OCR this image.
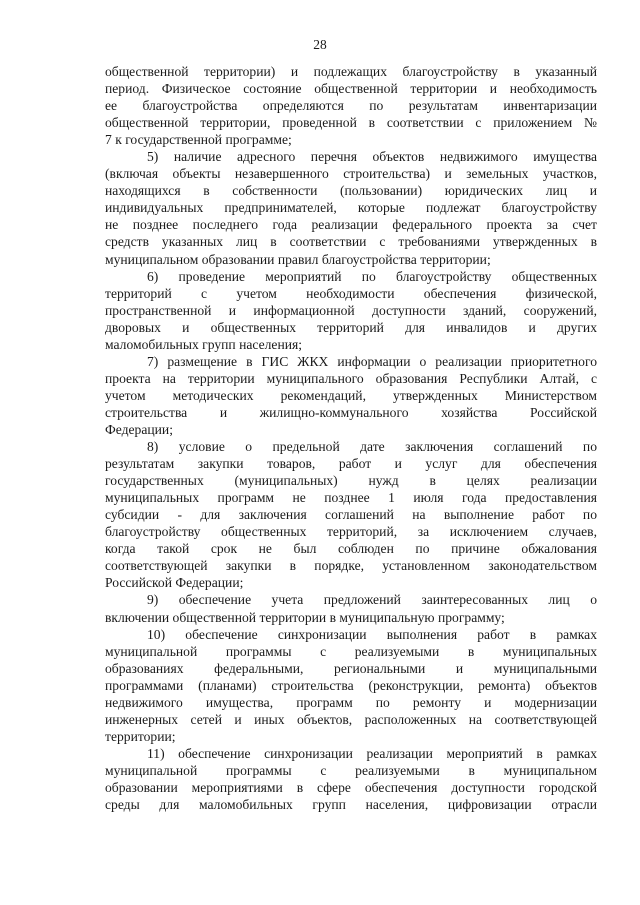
28
общественной территории) и подлежащих благоустройству в указанный
период. Физическое состояние общественной территории и необходимость
ее благоустройства определяются по результатам инвентаризации
общественной территории, проведенной в соответствии с приложением №
7 к государственной программе;
5) наличие адресного перечня объектов недвижимого имущества
(включая объекты незавершенного строительства) и земельных участков,
находящихся в собственности (пользовании) юридических лиц и
индивидуальных предпринимателей, которые подлежат благоустройству
не позднее последнего года реализации федерального проекта за счет
средств указанных лиц в соответствии с требованиями утвержденных в
муниципальном образовании правил благоустройства территории;
6) проведение мероприятий по благоустройству общественных
территорий с учетом необходимости обеспечения физической,
пространственной и информационной доступности зданий, сооружений,
дворовых и общественных территорий для инвалидов и других
маломобильных групп населения;
7) размещение в ГИС ЖКХ информации о реализации приоритетного
проекта на территории муниципального образования Республики Алтай, с
учетом методических рекомендаций, утвержденных Министерством
строительства и жилищно-коммунального хозяйства Российской
Федерации;
8) условие о предельной дате заключения соглашений по
результатам закупки товаров, работ и услуг для обеспечения
государственных (муниципальных) нужд в целях реализации
муниципальных программ не позднее 1 июля года предоставления
субсидии - для заключения соглашений на выполнение работ по
благоустройству общественных территорий, за исключением случаев,
когда такой срок не был соблюден по причине обжалования
соответствующей закупки в порядке, установленном законодательством
Российской Федерации;
9) обеспечение учета предложений заинтересованных лиц о
включении общественной территории в муниципальную программу;
10) обеспечение синхронизации выполнения работ в рамках
муниципальной программы с реализуемыми в муниципальных
образованиях федеральными, региональными и муниципальными
программами (планами) строительства (реконструкции, ремонта) объектов
недвижимого имущества, программ по ремонту и модернизации
инженерных сетей и иных объектов, расположенных на соответствующей
территории;
11) обеспечение синхронизации реализации мероприятий в рамках
муниципальной программы с реализуемыми в муниципальном
образовании мероприятиями в сфере обеспечения доступности городской
среды для маломобильных групп населения, цифровизации отрасли
